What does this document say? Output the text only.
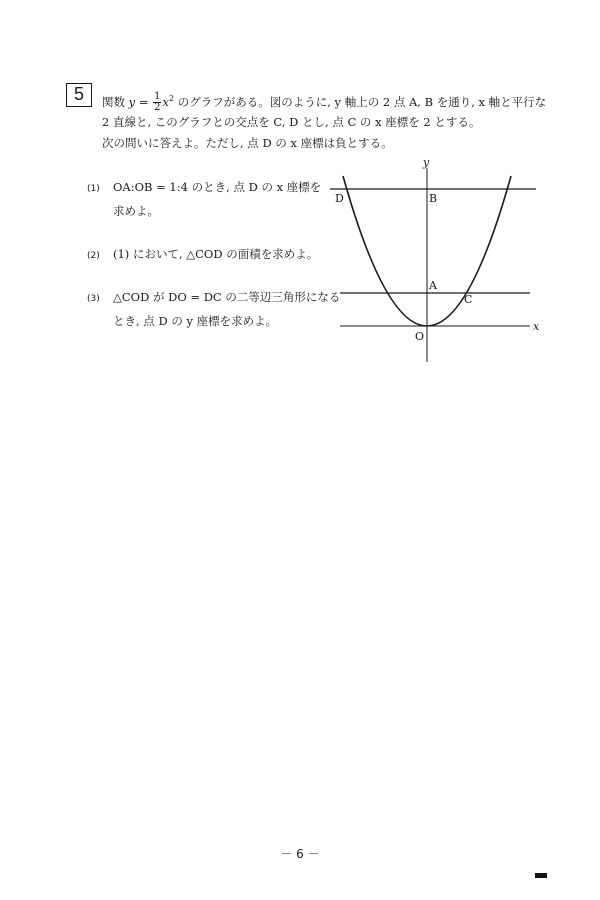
5	関数 $y = \frac{1}{2} x^2$ のグラフがある。図のように, y 軸上の 2 点 A, B を通り, x 軸と平行な
2 直線と, このグラフとの交点を C, D とし, 点 C の x 座標を 2 とする。
次の問いに答えよ。ただし, 点 D の x 座標は負とする。
(1) OA:OB = 1:4 のとき, 点 D の x 座標を
求めよ。
(2) (1) において, △COD の面積を求めよ。
(3) △COD が DO = DC の二等辺三角形になる
とき, 点 D の y 座標を求めよ。
y
x
O
A
B
C
D
－ 6 －
